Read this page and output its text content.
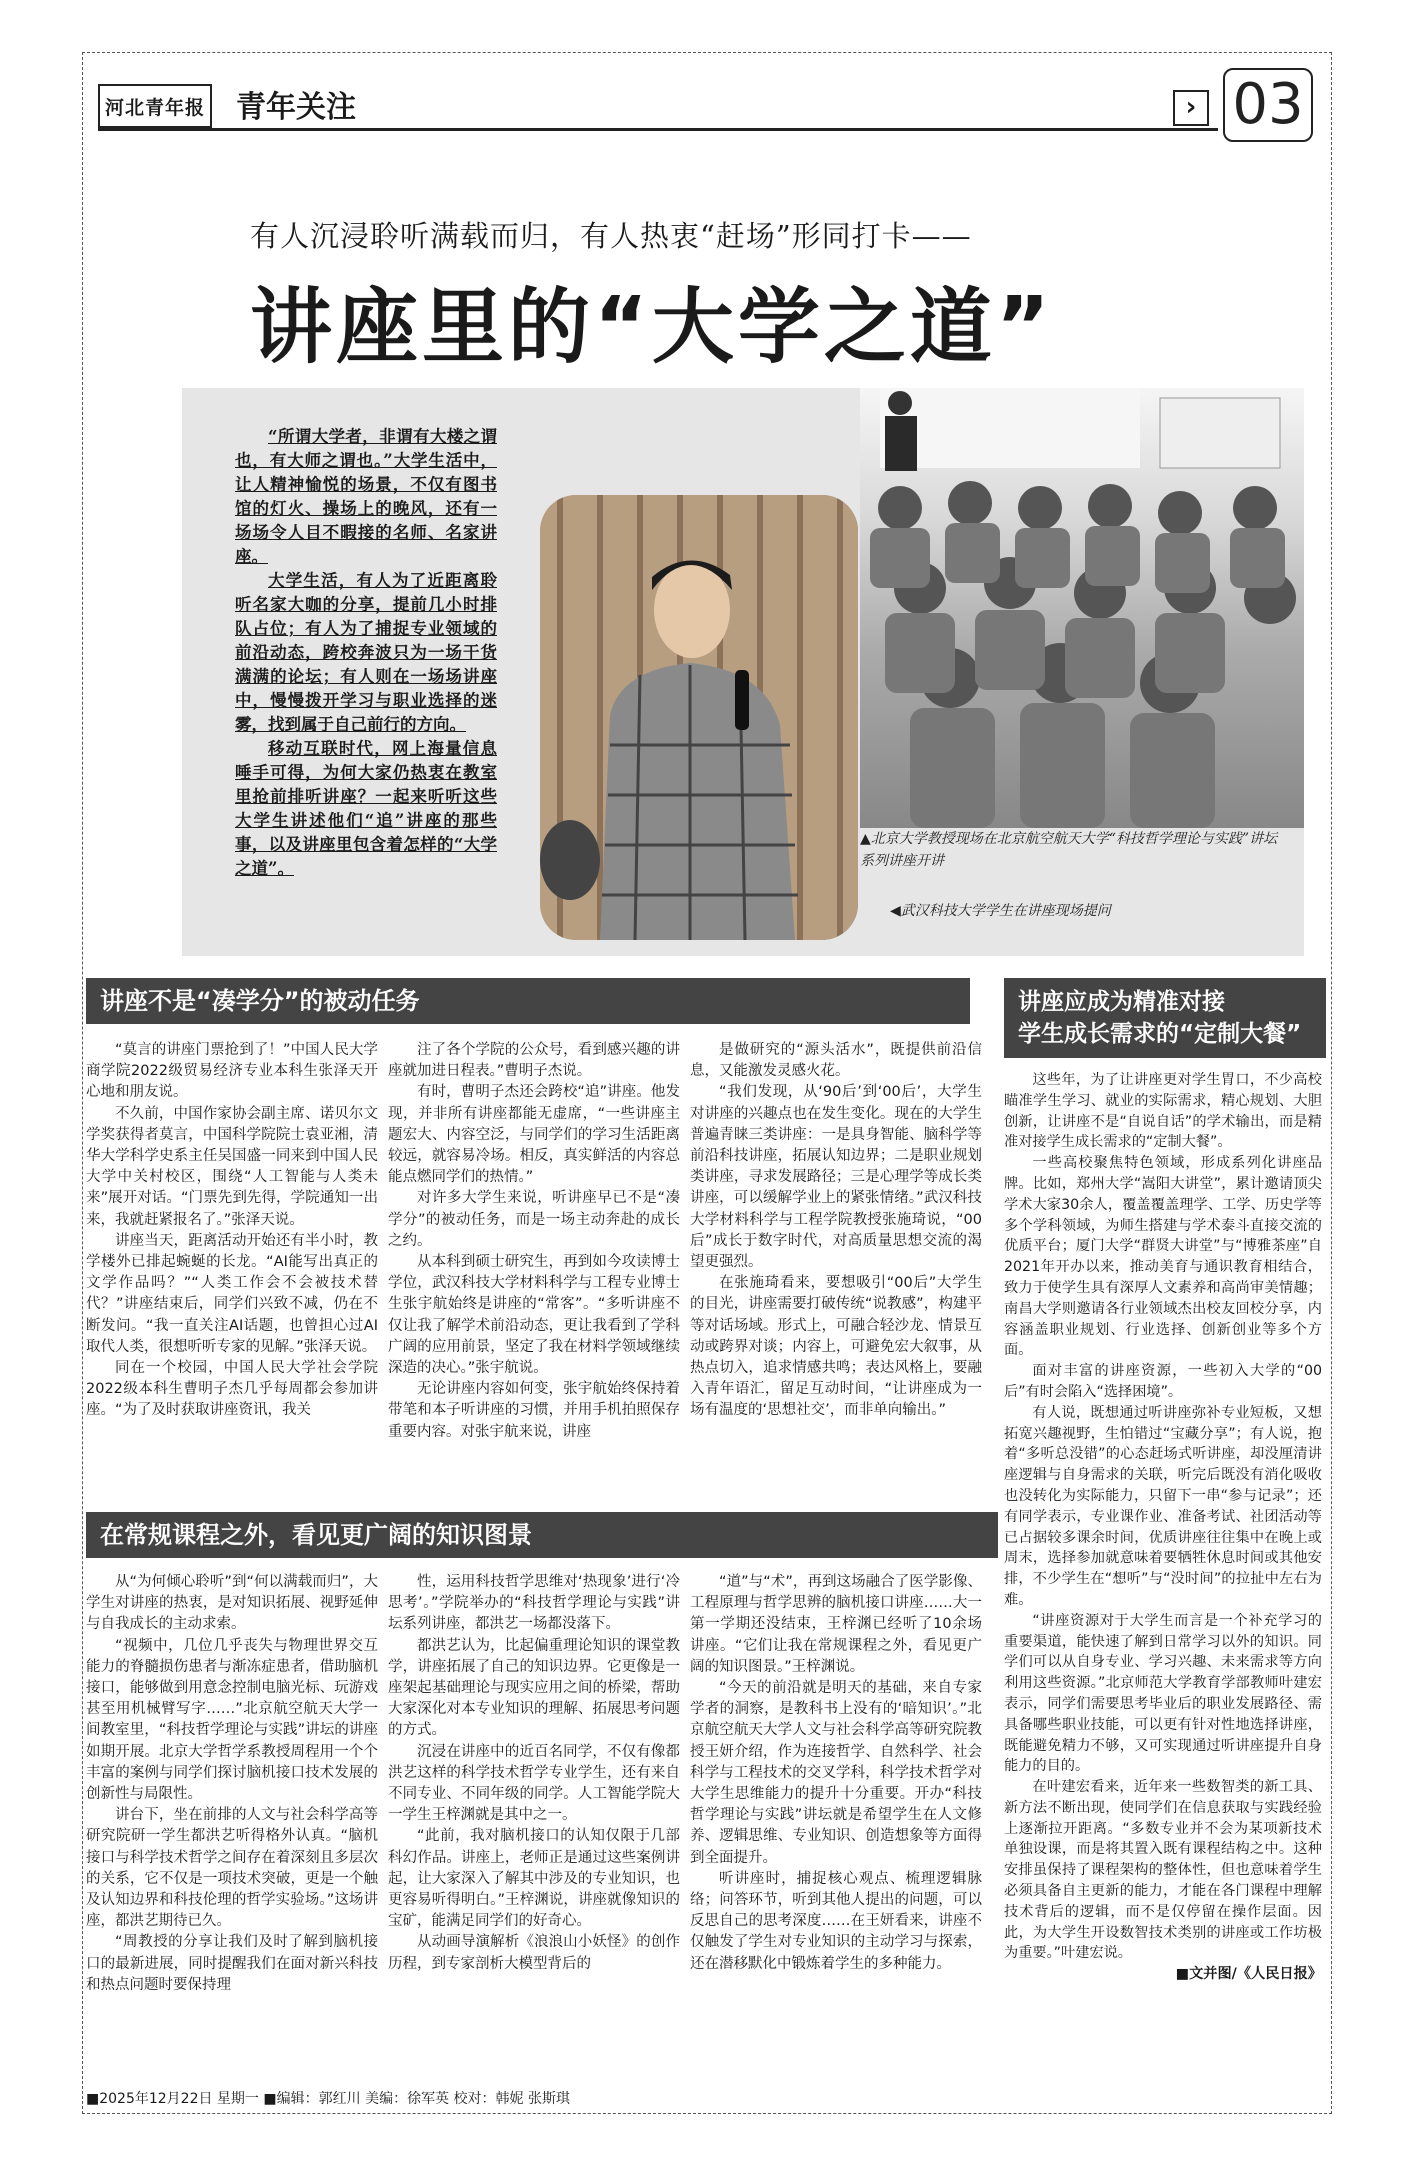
河北青年报 青年关注	› 03
有人沉浸聆听满载而归，有人热衷“赶场”形同打卡——
讲座里的“大学之道”

“所谓大学者，非谓有大楼之谓也，有大师之谓也。”大学生活中，让人精神愉悦的场景，不仅有图书馆的灯火、操场上的晚风，还有一场场令人目不暇接的名师、名家讲座。

大学生活，有人为了近距离聆听名家大咖的分享，提前几小时排队占位；有人为了捕捉专业领域的前沿动态，跨校奔波只为一场干货满满的论坛；有人则在一场场讲座中，慢慢拨开学习与职业选择的迷雾，找到属于自己前行的方向。

移动互联时代，网上海量信息唾手可得，为何大家仍热衷在教室里抢前排听讲座？一起来听听这些大学生讲述他们“追”讲座的那些事，以及讲座里包含着怎样的“大学之道”。

▲北京大学教授现场在北京航空航天大学“科技哲学理论与实践”讲坛系列讲座开讲
◀武汉科技大学学生在讲座现场提问
讲座不是“凑学分”的被动任务

“莫言的讲座门票抢到了！”中国人民大学商学院2022级贸易经济专业本科生张泽天开心地和朋友说。

不久前，中国作家协会副主席、诺贝尔文学奖获得者莫言，中国科学院院士袁亚湘，清华大学科学史系主任吴国盛一同来到中国人民大学中关村校区，围绕“人工智能与人类未来”展开对话。“门票先到先得，学院通知一出来，我就赶紧报名了。”张泽天说。

讲座当天，距离活动开始还有半小时，教学楼外已排起蜿蜒的长龙。“AI能写出真正的文学作品吗？”“人类工作会不会被技术替代？”讲座结束后，同学们兴致不减，仍在不断发问。“我一直关注AI话题，也曾担心过AI取代人类，很想听听专家的见解。”张泽天说。

同在一个校园，中国人民大学社会学院2022级本科生曹明子杰几乎每周都会参加讲座。“为了及时获取讲座资讯，我关

注了各个学院的公众号，看到感兴趣的讲座就加进日程表。”曹明子杰说。

有时，曹明子杰还会跨校“追”讲座。他发现，并非所有讲座都能无虚席，“一些讲座主题宏大、内容空泛，与同学们的学习生活距离较远，就容易冷场。相反，真实鲜活的内容总能点燃同学们的热情。”

对许多大学生来说，听讲座早已不是“凑学分”的被动任务，而是一场主动奔赴的成长之约。

从本科到硕士研究生，再到如今攻读博士学位，武汉科技大学材料科学与工程专业博士生张宇航始终是讲座的“常客”。“多听讲座不仅让我了解学术前沿动态，更让我看到了学科广阔的应用前景，坚定了我在材料学领域继续深造的决心。”张宇航说。

无论讲座内容如何变，张宇航始终保持着带笔和本子听讲座的习惯，并用手机拍照保存重要内容。对张宇航来说，讲座

是做研究的“源头活水”，既提供前沿信息，又能激发灵感火花。

“我们发现，从‘90后’到‘00后’，大学生对讲座的兴趣点也在发生变化。现在的大学生普遍青睐三类讲座：一是具身智能、脑科学等前沿科技讲座，拓展认知边界；二是职业规划类讲座，寻求发展路径；三是心理学等成长类讲座，可以缓解学业上的紧张情绪。”武汉科技大学材料科学与工程学院教授张施琦说，“00后”成长于数字时代，对高质量思想交流的渴望更强烈。

在张施琦看来，要想吸引“00后”大学生的目光，讲座需要打破传统“说教感”，构建平等对话场域。形式上，可融合轻沙龙、情景互动或跨界对谈；内容上，可避免宏大叙事，从热点切入，追求情感共鸣；表达风格上，要融入青年语汇，留足互动时间，“让讲座成为一场有温度的‘思想社交’，而非单向输出。”

在常规课程之外，看见更广阔的知识图景

从“为何倾心聆听”到“何以满载而归”，大学生对讲座的热衷，是对知识拓展、视野延伸与自我成长的主动求索。

“视频中，几位几乎丧失与物理世界交互能力的脊髓损伤患者与渐冻症患者，借助脑机接口，能够做到用意念控制电脑光标、玩游戏甚至用机械臂写字……”北京航空航天大学一间教室里，“科技哲学理论与实践”讲坛的讲座如期开展。北京大学哲学系教授周程用一个个丰富的案例与同学们探讨脑机接口技术发展的创新性与局限性。

讲台下，坐在前排的人文与社会科学高等研究院研一学生都洪艺听得格外认真。“脑机接口与科学技术哲学之间存在着深刻且多层次的关系，它不仅是一项技术突破，更是一个触及认知边界和科技伦理的哲学实验场。”这场讲座，都洪艺期待已久。

“周教授的分享让我们及时了解到脑机接口的最新进展，同时提醒我们在面对新兴科技和热点问题时要保持理

性，运用科技哲学思维对‘热现象’进行‘冷思考’。”学院举办的“科技哲学理论与实践”讲坛系列讲座，都洪艺一场都没落下。

都洪艺认为，比起偏重理论知识的课堂教学，讲座拓展了自己的知识边界。它更像是一座架起基础理论与现实应用之间的桥梁，帮助大家深化对本专业知识的理解、拓展思考问题的方式。

沉浸在讲座中的近百名同学，不仅有像都洪艺这样的科学技术哲学专业学生，还有来自不同专业、不同年级的同学。人工智能学院大一学生王梓渊就是其中之一。

“此前，我对脑机接口的认知仅限于几部科幻作品。讲座上，老师正是通过这些案例讲起，让大家深入了解其中涉及的专业知识，也更容易听得明白。”王梓渊说，讲座就像知识的宝矿，能满足同学们的好奇心。

从动画导演解析《浪浪山小妖怪》的创作历程，到专家剖析大模型背后的

“道”与“术”，再到这场融合了医学影像、工程原理与哲学思辨的脑机接口讲座……大一第一学期还没结束，王梓渊已经听了10余场讲座。“它们让我在常规课程之外，看见更广阔的知识图景。”王梓渊说。

“今天的前沿就是明天的基础，来自专家学者的洞察，是教科书上没有的‘暗知识’。”北京航空航天大学人文与社会科学高等研究院教授王妍介绍，作为连接哲学、自然科学、社会科学与工程技术的交叉学科，科学技术哲学对大学生思维能力的提升十分重要。开办“科技哲学理论与实践”讲坛就是希望学生在人文修养、逻辑思维、专业知识、创造想象等方面得到全面提升。

听讲座时，捕捉核心观点、梳理逻辑脉络；问答环节，听到其他人提出的问题，可以反思自己的思考深度……在王妍看来，讲座不仅触发了学生对专业知识的主动学习与探索，还在潜移默化中锻炼着学生的多种能力。

讲座应成为精准对接
学生成长需求的“定制大餐”

这些年，为了让讲座更对学生胃口，不少高校瞄准学生学习、就业的实际需求，精心规划、大胆创新，让讲座不是“自说自话”的学术输出，而是精准对接学生成长需求的“定制大餐”。

一些高校聚焦特色领域，形成系列化讲座品牌。比如，郑州大学“嵩阳大讲堂”，累计邀请顶尖学术大家30余人，覆盖覆盖理学、工学、历史学等多个学科领域，为师生搭建与学术泰斗直接交流的优质平台；厦门大学“群贤大讲堂”与“博雅茶座”自2021年开办以来，推动美育与通识教育相结合，致力于使学生具有深厚人文素养和高尚审美情趣；南昌大学则邀请各行业领域杰出校友回校分享，内容涵盖职业规划、行业选择、创新创业等多个方面。

面对丰富的讲座资源，一些初入大学的“00后”有时会陷入“选择困境”。

有人说，既想通过听讲座弥补专业短板，又想拓宽兴趣视野，生怕错过“宝藏分享”；有人说，抱着“多听总没错”的心态赶场式听讲座，却没厘清讲座逻辑与自身需求的关联，听完后既没有消化吸收也没转化为实际能力，只留下一串“参与记录”；还有同学表示，专业课作业、准备考试、社团活动等已占据较多课余时间，优质讲座往往集中在晚上或周末，选择参加就意味着要牺牲休息时间或其他安排，不少学生在“想听”与“没时间”的拉扯中左右为难。

“讲座资源对于大学生而言是一个补充学习的重要渠道，能快速了解到日常学习以外的知识。同学们可以从自身专业、学习兴趣、未来需求等方向利用这些资源。”北京师范大学教育学部教师叶建宏表示，同学们需要思考毕业后的职业发展路径、需具备哪些职业技能，可以更有针对性地选择讲座，既能避免精力不够，又可实现通过听讲座提升自身能力的目的。

在叶建宏看来，近年来一些数智类的新工具、新方法不断出现，使同学们在信息获取与实践经验上逐渐拉开距离。“多数专业并不会为某项新技术单独设课，而是将其置入既有课程结构之中。这种安排虽保持了课程架构的整体性，但也意味着学生必须具备自主更新的能力，才能在各门课程中理解技术背后的逻辑，而不是仅停留在操作层面。因此，为大学生开设数智技术类别的讲座或工作坊极为重要。”叶建宏说。

■文并图/《人民日报》

■2025年12月22日 星期一 ■编辑：郭红川 美编：徐军英 校对：韩妮 张斯琪
